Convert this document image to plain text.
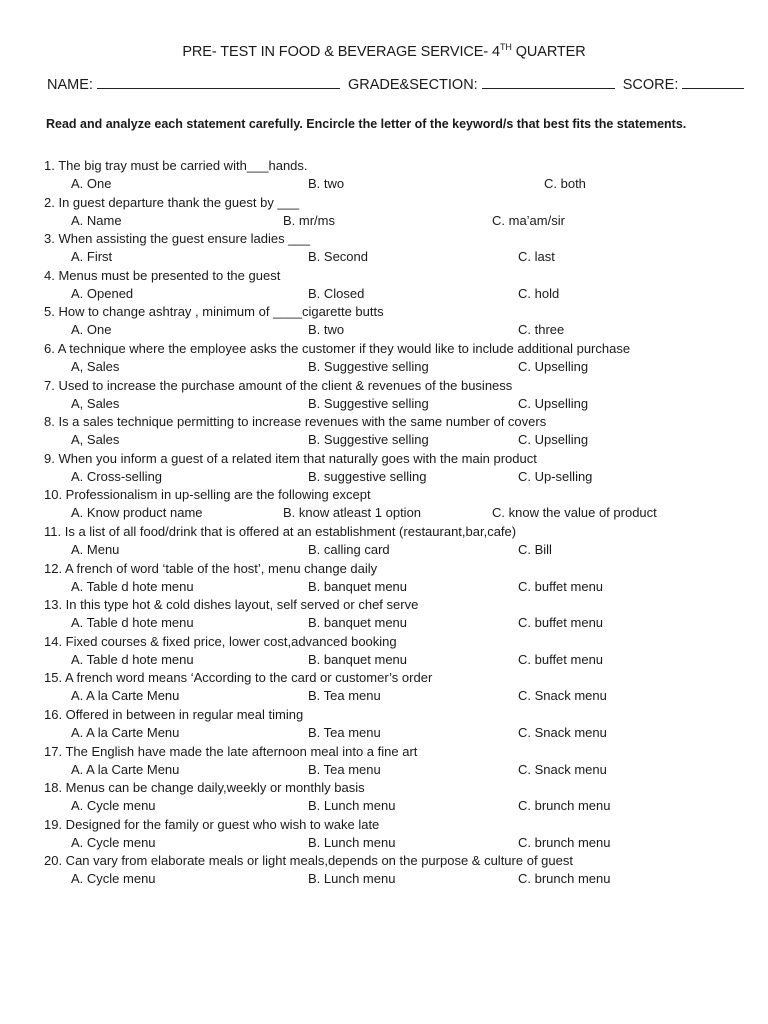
PRE- TEST IN FOOD & BEVERAGE SERVICE- 4TH QUARTER
NAME:	GRADE&SECTION:	SCORE:
Read and analyze each statement carefully. Encircle the letter of the keyword/s that best fits the statements.
1. The big tray must be carried with___hands.
A. One	B. two	C. both
2. In guest departure thank the guest by ___
A. Name	B. mr/ms	C. ma’am/sir
3. When assisting the guest ensure ladies ___
A. First	B. Second	C. last
4. Menus must be presented to the guest
A. Opened	B. Closed	C. hold
5. How to change ashtray , minimum of ____cigarette butts
A. One	B. two	C. three
6. A technique where the employee asks the customer if they would like to include additional purchase
A, Sales	B. Suggestive selling	C. Upselling
7. Used to increase the purchase amount of the client & revenues of the business
A, Sales	B. Suggestive selling	C. Upselling
8. Is a sales technique permitting to increase revenues with the same number of covers
A, Sales	B. Suggestive selling	C. Upselling
9. When you inform a guest of a related item that naturally goes with the main product
A. Cross-selling	B. suggestive selling	C. Up-selling
10. Professionalism in up-selling are the following except
A. Know product name	B. know atleast 1 option	C. know the value of product
11. Is a list of all food/drink that is offered at an establishment (restaurant,bar,cafe)
A. Menu	B. calling card	C. Bill
12. A french of word ‘table of the host’, menu change daily
A. Table d hote menu	B. banquet menu	C. buffet menu
13. In this type hot & cold dishes layout, self served or chef serve
A. Table d hote menu	B. banquet menu	C. buffet menu
14. Fixed courses & fixed price, lower cost,advanced booking
A. Table d hote menu	B. banquet menu	C. buffet menu
15. A french word means ‘According to the card or customer’s order
A. A la Carte Menu	B. Tea menu	C. Snack menu
16. Offered in between in regular meal timing
A. A la Carte Menu	B. Tea menu	C. Snack menu
17. The English have made the late afternoon meal into a fine art
A. A la Carte Menu	B. Tea menu	C. Snack menu
18. Menus can be change daily,weekly or monthly basis
A. Cycle menu	B. Lunch menu	C. brunch menu
19. Designed for the family or guest who wish to wake late
A. Cycle menu	B. Lunch menu	C. brunch menu
20. Can vary from elaborate meals or light meals,depends on the purpose & culture of guest
A. Cycle menu	B. Lunch menu	C. brunch menu
